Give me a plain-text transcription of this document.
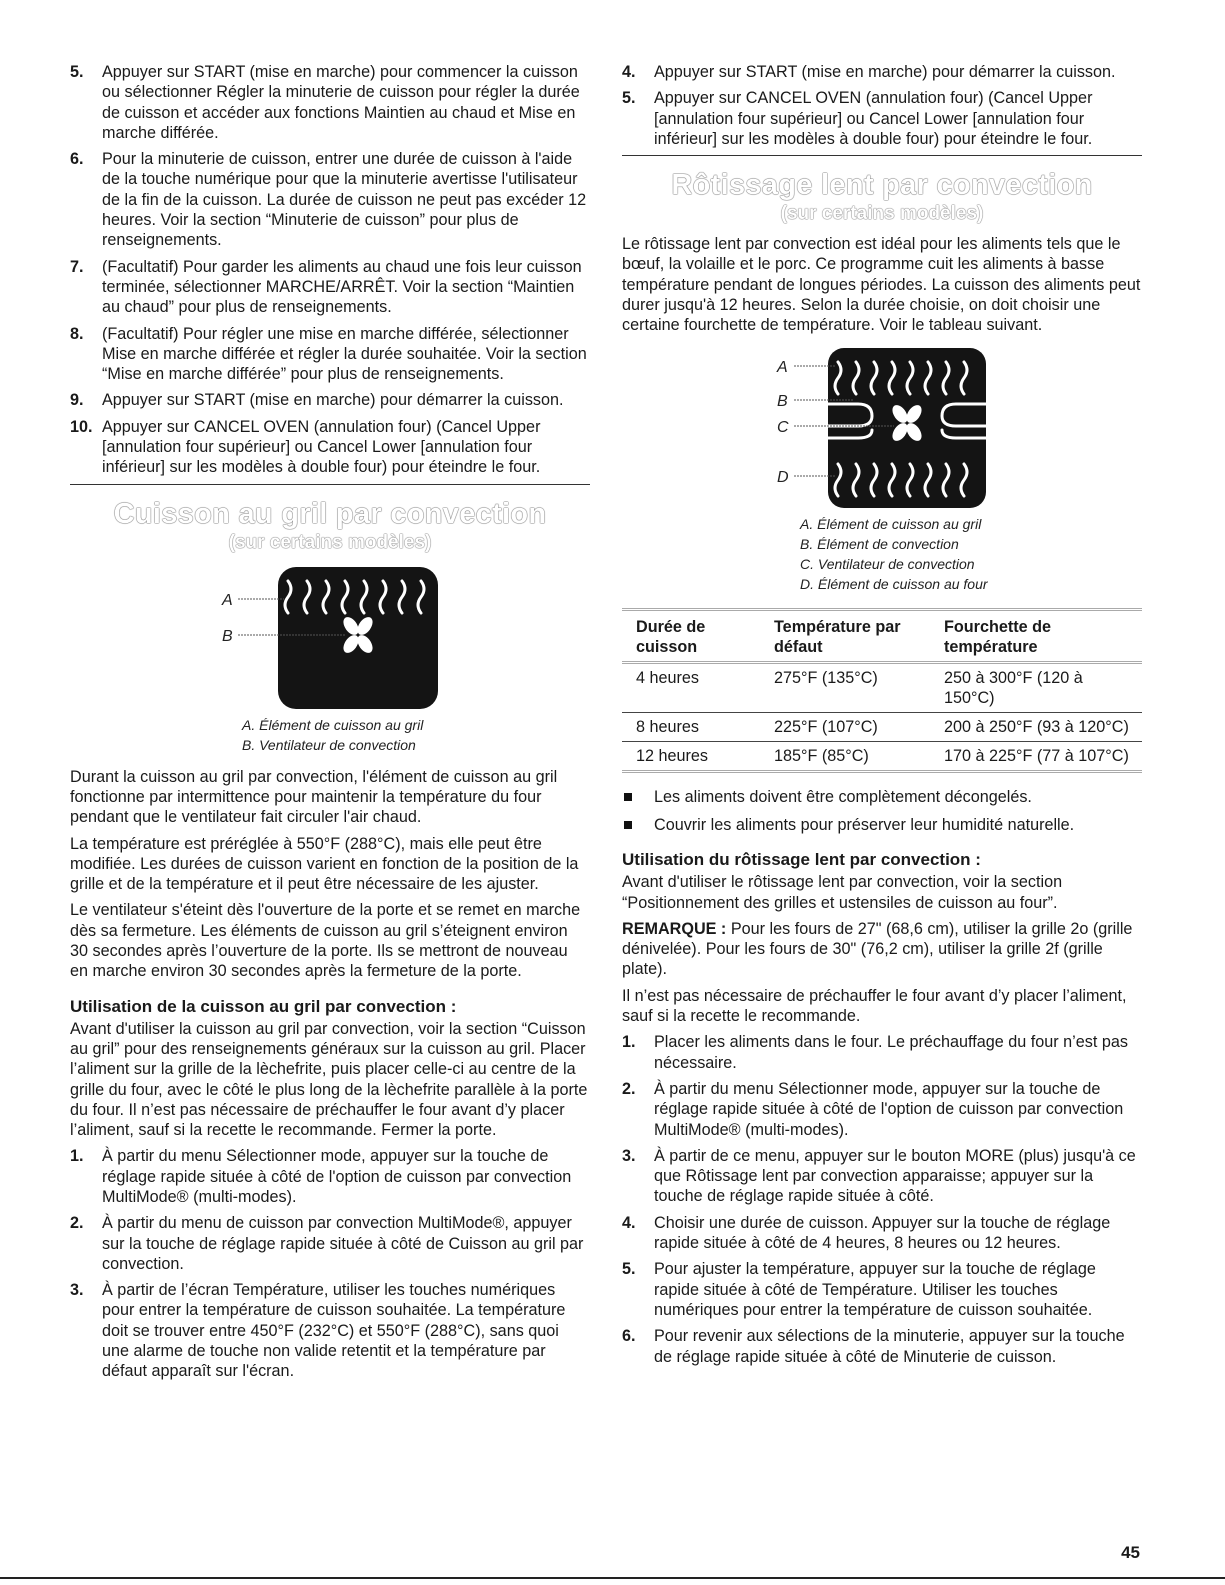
5. Appuyer sur START (mise en marche) pour commencer la cuisson ou sélectionner Régler la minuterie de cuisson pour régler la durée de cuisson et accéder aux fonctions Maintien au chaud et Mise en marche différée.
6. Pour la minuterie de cuisson, entrer une durée de cuisson à l'aide de la touche numérique pour que la minuterie avertisse l'utilisateur de la fin de la cuisson. La durée de cuisson ne peut pas excéder 12 heures. Voir la section “Minuterie de cuisson” pour plus de renseignements.
7. (Facultatif) Pour garder les aliments au chaud une fois leur cuisson terminée, sélectionner MARCHE/ARRÊT. Voir la section “Maintien au chaud” pour plus de renseignements.
8. (Facultatif) Pour régler une mise en marche différée, sélectionner Mise en marche différée et régler la durée souhaitée. Voir la section “Mise en marche différée” pour plus de renseignements.
9. Appuyer sur START (mise en marche) pour démarrer la cuisson.
10. Appuyer sur CANCEL OVEN (annulation four) (Cancel Upper [annulation four supérieur] ou Cancel Lower [annulation four inférieur] sur les modèles à double four) pour éteindre le four.
Cuisson au gril par convection
(sur certains modèles)
A
B
A. Élément de cuisson au gril
B. Ventilateur de convection

Durant la cuisson au gril par convection, l'élément de cuisson au gril fonctionne par intermittence pour maintenir la température du four pendant que le ventilateur fait circuler l'air chaud.

La température est préréglée à 550°F (288°C), mais elle peut être modifiée. Les durées de cuisson varient en fonction de la position de la grille et de la température et il peut être nécessaire de les ajuster.

Le ventilateur s'éteint dès l'ouverture de la porte et se remet en marche dès sa fermeture. Les éléments de cuisson au gril s’éteignent environ 30 secondes après l’ouverture de la porte. Ils se mettront de nouveau en marche environ 30 secondes après la fermeture de la porte.

Utilisation de la cuisson au gril par convection :

Avant d'utiliser la cuisson au gril par convection, voir la section “Cuisson au gril” pour des renseignements généraux sur la cuisson au gril. Placer l’aliment sur la grille de la lèchefrite, puis placer celle-ci au centre de la grille du four, avec le côté le plus long de la lèchefrite parallèle à la porte du four. Il n’est pas nécessaire de préchauffer le four avant d’y placer l’aliment, sauf si la recette le recommande. Fermer la porte.

1. À partir du menu Sélectionner mode, appuyer sur la touche de réglage rapide située à côté de l'option de cuisson par convection MultiMode® (multi-modes).
2. À partir du menu de cuisson par convection MultiMode®, appuyer sur la touche de réglage rapide située à côté de Cuisson au gril par convection.
3. À partir de l’écran Température, utiliser les touches numériques pour entrer la température de cuisson souhaitée. La température doit se trouver entre 450°F (232°C) et 550°F (288°C), sans quoi une alarme de touche non valide retentit et la température par défaut apparaît sur l'écran.
4. Appuyer sur START (mise en marche) pour démarrer la cuisson.
5. Appuyer sur CANCEL OVEN (annulation four) (Cancel Upper [annulation four supérieur] ou Cancel Lower [annulation four inférieur] sur les modèles à double four) pour éteindre le four.
Rôtissage lent par convection
(sur certains modèles)

Le rôtissage lent par convection est idéal pour les aliments tels que le bœuf, la volaille et le porc. Ce programme cuit les aliments à basse température pendant de longues périodes. La cuisson des aliments peut durer jusqu'à 12 heures. Selon la durée choisie, on doit choisir une certaine fourchette de température. Voir le tableau suivant.

A
B
C
D
A. Élément de cuisson au gril
B. Élément de convection
C. Ventilateur de convection
D. Élément de cuisson au four
Durée de cuisson	Température par défaut	Fourchette de température
4 heures	275°F (135°C)	250 à 300°F (120 à 150°C)
8 heures	225°F (107°C)	200 à 250°F (93 à 120°C)
12 heures	185°F (85°C)	170 à 225°F (77 à 107°C)
Les aliments doivent être complètement décongelés.
Couvrir les aliments pour préserver leur humidité naturelle.
Utilisation du rôtissage lent par convection :

Avant d'utiliser le rôtissage lent par convection, voir la section “Positionnement des grilles et ustensiles de cuisson au four”.

REMARQUE : Pour les fours de 27" (68,6 cm), utiliser la grille 2o (grille dénivelée). Pour les fours de 30" (76,2 cm), utiliser la grille 2f (grille plate).

Il n’est pas nécessaire de préchauffer le four avant d’y placer l’aliment, sauf si la recette le recommande.

1. Placer les aliments dans le four. Le préchauffage du four n’est pas nécessaire.
2. À partir du menu Sélectionner mode, appuyer sur la touche de réglage rapide située à côté de l'option de cuisson par convection MultiMode® (multi-modes).
3. À partir de ce menu, appuyer sur le bouton MORE (plus) jusqu'à ce que Rôtissage lent par convection apparaisse; appuyer sur la touche de réglage rapide située à côté.
4. Choisir une durée de cuisson. Appuyer sur la touche de réglage rapide située à côté de 4 heures, 8 heures ou 12 heures.
5. Pour ajuster la température, appuyer sur la touche de réglage rapide située à côté de Température. Utiliser les touches numériques pour entrer la température de cuisson souhaitée.
6. Pour revenir aux sélections de la minuterie, appuyer sur la touche de réglage rapide située à côté de Minuterie de cuisson.
45
